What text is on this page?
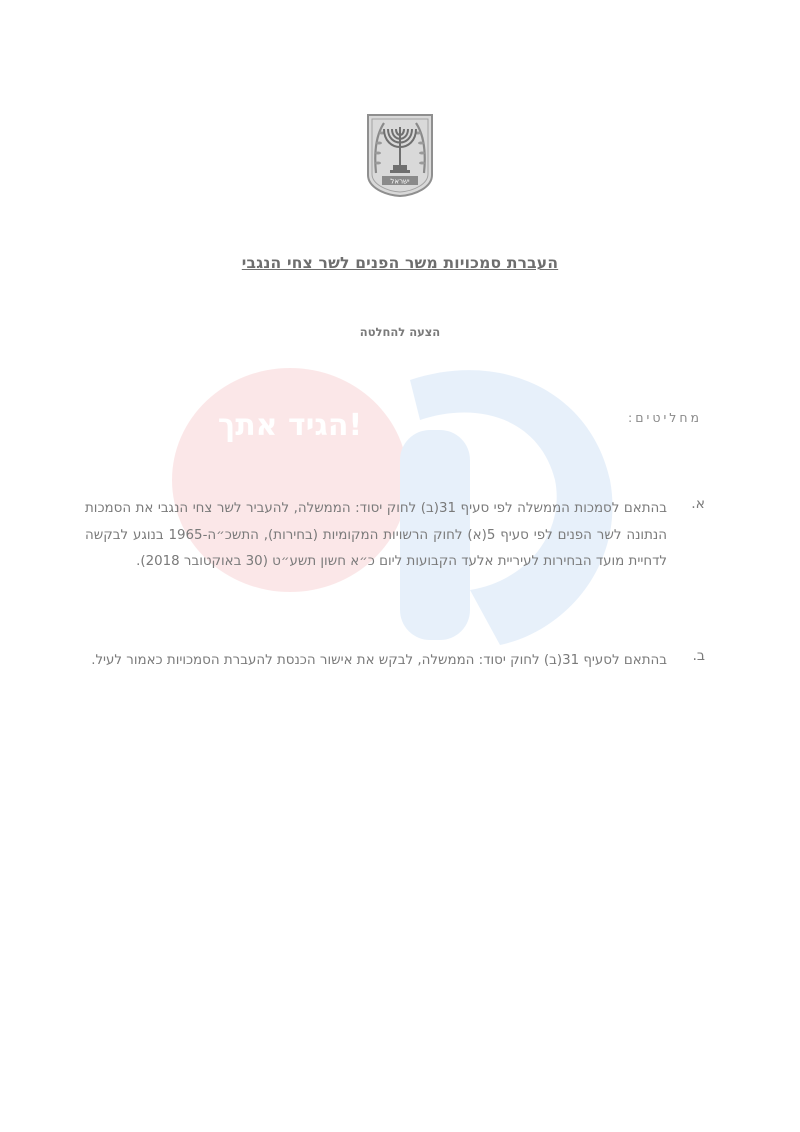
הגיד אתך!
ישראל
העברת סמכויות משר הפנים לשר צחי הנגבי
הצעה להחלטה
מחליטים:
א.
בהתאם לסמכות הממשלה לפי סעיף 31(ב) לחוק יסוד: הממשלה, להעביר לשר צחי הנגבי את הסמכות הנתונה לשר הפנים לפי סעיף 5(א) לחוק הרשויות המקומיות (בחירות), התשכ״ה-1965 בנוגע לבקשה לדחיית מועד הבחירות לעיריית אלעד הקבועות ליום כ״א חשון תשע״ט (30 באוקטובר 2018).
ב.
בהתאם לסעיף 31(ב) לחוק יסוד: הממשלה, לבקש את אישור הכנסת להעברת הסמכויות כאמור לעיל.
